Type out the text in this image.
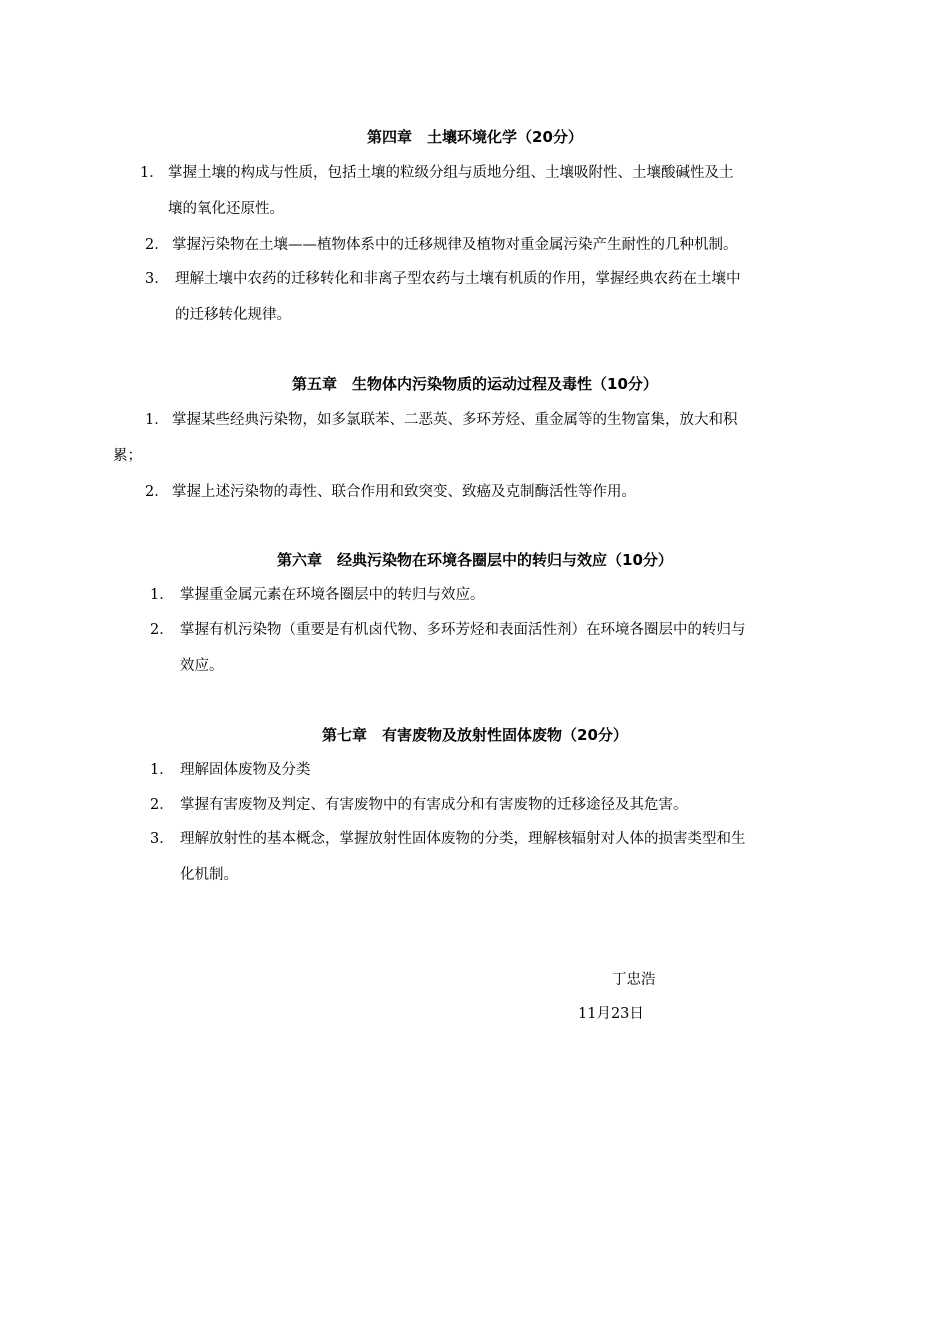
第四章　土壤环境化学（20分）
1． 掌握土壤的构成与性质，包括土壤的粒级分组与质地分组、土壤吸附性、土壤酸碱性及土
壤的氧化还原性。
2． 掌握污染物在土壤——植物体系中的迁移规律及植物对重金属污染产生耐性的几种机制。
3． 理解土壤中农药的迁移转化和非离子型农药与土壤有机质的作用，掌握经典农药在土壤中
的迁移转化规律。
第五章　生物体内污染物质的运动过程及毒性（10分）
1． 掌握某些经典污染物，如多氯联苯、二恶英、多环芳烃、重金属等的生物富集，放大和积
累；
2． 掌握上述污染物的毒性、联合作用和致突变、致癌及克制酶活性等作用。
第六章　经典污染物在环境各圈层中的转归与效应（10分）
1． 掌握重金属元素在环境各圈层中的转归与效应。
2． 掌握有机污染物（重要是有机卤代物、多环芳烃和表面活性剂）在环境各圈层中的转归与
效应。
第七章　有害废物及放射性固体废物（20分）
1． 理解固体废物及分类
2． 掌握有害废物及判定、有害废物中的有害成分和有害废物的迁移途径及其危害。
3． 理解放射性的基本概念，掌握放射性固体废物的分类，理解核辐射对人体的损害类型和生
化机制。
丁忠浩
11月23日
